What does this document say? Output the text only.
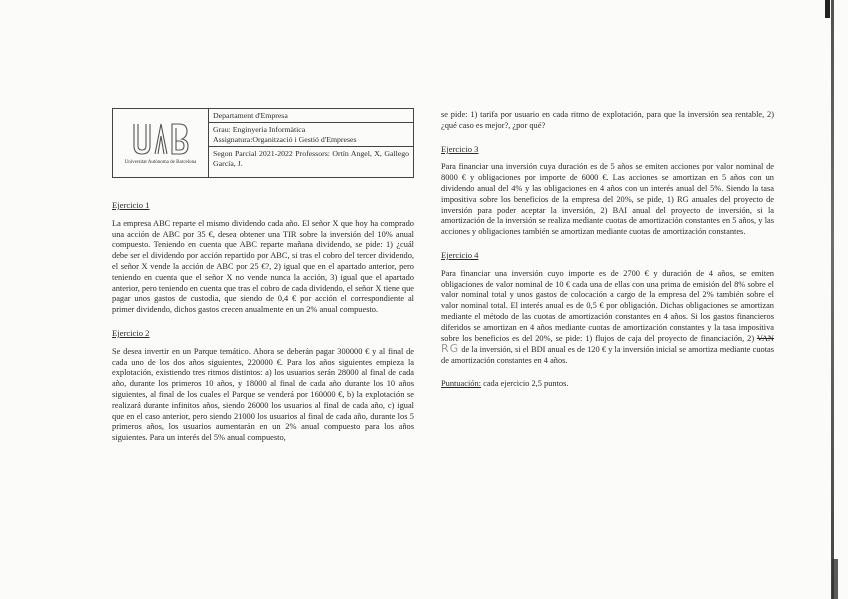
Universitat Autònoma de Barcelona
Departament d'Empresa
Grau: Enginyeria Informàtica
Assignatura:Organització i Gestió d'Empreses
Segon Parcial 2021-2022 Professors: Ortín Angel, X, Gallego García, J.
Ejercicio 1
La empresa ABC reparte el mismo dividendo cada año. El señor X que hoy ha comprado una acción de ABC por 35 €, desea obtener una TIR sobre la inversión del 10% anual compuesto. Teniendo en cuenta que ABC reparte mañana dividendo, se pide: 1) ¿cuál debe ser el dividendo por acción repartido por ABC, si tras el cobro del tercer dividendo, el señor X vende la acción de ABC por 25 €?, 2) igual que en el apartado anterior, pero teniendo en cuenta que el señor X no vende nunca la acción, 3) igual que el apartado anterior, pero teniendo en cuenta que tras el cobro de cada dividendo, el señor X tiene que pagar unos gastos de custodia, que siendo de 0,4 € por acción el correspondiente al primer dividendo, dichos gastos crecen anualmente en un 2% anual compuesto.
Ejercicio 2
Se desea invertir en un Parque temático. Ahora se deberán pagar 300000 € y al final de cada uno de los dos años siguientes, 220000 €. Para los años siguientes empieza la explotación, existiendo tres ritmos distintos: a) los usuarios serán 28000 al final de cada año, durante los primeros 10 años, y 18000 al final de cada año durante los 10 años siguientes, al final de los cuales el Parque se venderá por 160000 €, b) la explotación se realizará durante infinitos años, siendo 26000 los usuarios al final de cada año, c) igual que en el caso anterior, pero siendo 21000 los usuarios al final de cada año, durante los 5 primeros años, los usuarios aumentarán en un 2% anual compuesto para los años siguientes. Para un interés del 5% anual compuesto,
se pide: 1) tarifa por usuario en cada ritmo de explotación, para que la inversión sea rentable, 2) ¿qué caso es mejor?, ¿por qué?
Ejercicio 3
Para financiar una inversión cuya duración es de 5 años se emiten acciones por valor nominal de 8000 € y obligaciones por importe de 6000 €. Las acciones se amortizan en 5 años con un dividendo anual del 4% y las obligaciones en 4 años con un interés anual del 5%. Siendo la tasa impositiva sobre los beneficios de la empresa del 20%, se pide, 1) RG anuales del proyecto de inversión para poder aceptar la inversión, 2) BAI anual del proyecto de inversión, si la amortización de la inversión se realiza mediante cuotas de amortización constantes en 5 años, y las acciones y obligaciones también se amortizan mediante cuotas de amortización constantes.
Ejercicio 4
Para financiar una inversión cuyo importe es de 2700 € y duración de 4 años, se emiten obligaciones de valor nominal de 10 € cada una de ellas con una prima de emisión del 8% sobre el valor nominal total y unos gastos de colocación a cargo de la empresa del 2% también sobre el valor nominal total. El interés anual es de 0,5 € por obligación. Dichas obligaciones se amortizan mediante el método de las cuotas de amortización constantes en 4 años. Si los gastos financieros diferidos se amortizan en 4 años mediante cuotas de amortización constantes y la tasa impositiva sobre los beneficios es del 20%, se pide: 1) flujos de caja del proyecto de financiación, 2) VAN RG de la inversión, si el BDI anual es de 120 € y la inversión inicial se amortiza mediante cuotas de amortización constantes en 4 años.
Puntuación: cada ejercicio 2,5 puntos.
